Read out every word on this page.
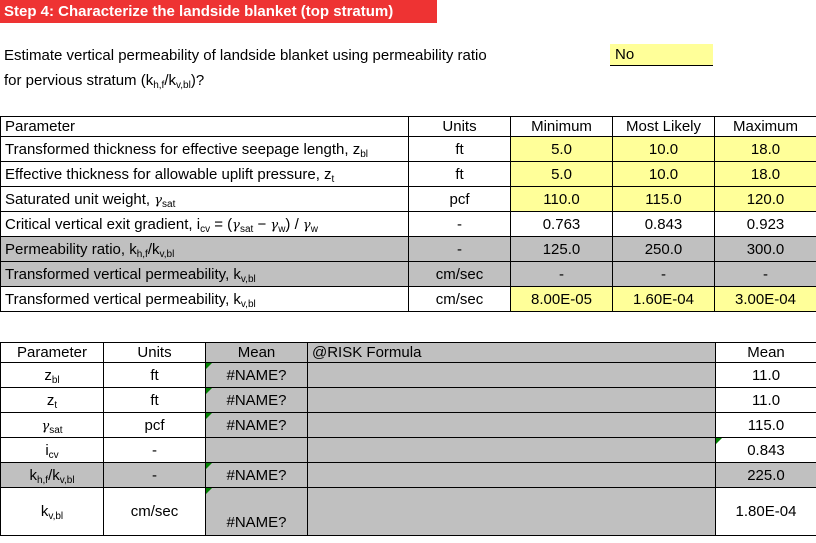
Step 4: Characterize the landside blanket (top stratum)
Estimate vertical permeability of landside blanket using permeability ratio
for pervious stratum $(k_{h,f}/k_{v,bl})$?
No
Parameter	Units	Minimum	Most Likely	Maximum
Transformed thickness for effective seepage length, $z_{bl}$	ft	5.0	10.0	18.0
Effective thickness for allowable uplift pressure, $z_t$	ft	5.0	10.0	18.0
Saturated unit weight, $\gamma_{sat}$	pcf	110.0	115.0	120.0
Critical vertical exit gradient, $i_{cv} = (\gamma_{sat} - \gamma_w) / \gamma_w$	-	0.763	0.843	0.923
Permeability ratio, $k_{h,f}/k_{v,bl}$	-	125.0	250.0	300.0
Transformed vertical permeability, $k_{v,bl}$	cm/sec	-	-	-
Transformed vertical permeability, $k_{v,bl}$	cm/sec	8.00E-05	1.60E-04	3.00E-04
Parameter	Units	Mean	@RISK Formula	Mean
$z_{bl}$	ft	#NAME?		11.0
$z_t$	ft	#NAME?		11.0
$\gamma_{sat}$	pcf	#NAME?		115.0
$i_{cv}$	-			0.843
$k_{h,f}/k_{v,bl}$	-	#NAME?		225.0
$k_{v,bl}$	cm/sec	#NAME?		1.80E-04
